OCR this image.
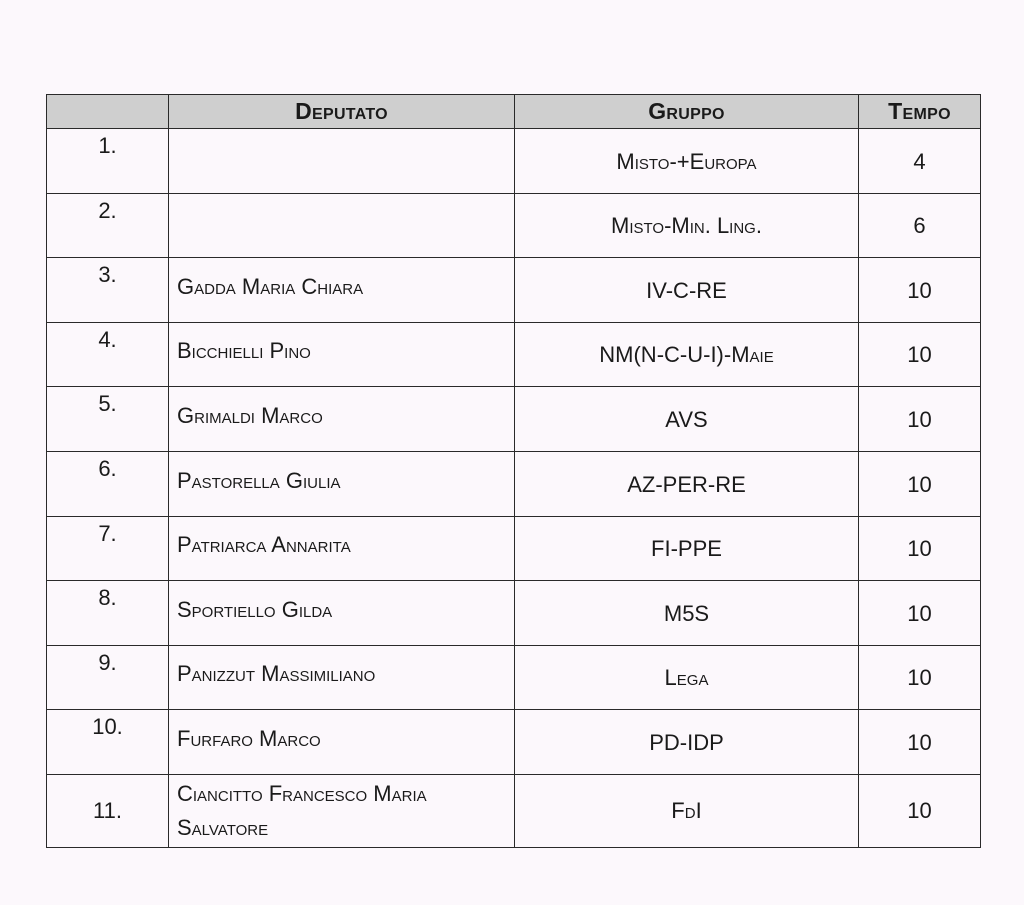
	Deputato	Gruppo	Tempo
1.		Misto-+Europa	4
2.		Misto-Min. Ling.	6
3.	Gadda Maria Chiara	IV-C-RE	10
4.	Bicchielli Pino	NM(N-C-U-I)-Maie	10
5.	Grimaldi Marco	AVS	10
6.	Pastorella Giulia	AZ-PER-RE	10
7.	Patriarca Annarita	FI-PPE	10
8.	Sportiello Gilda	M5S	10
9.	Panizzut Massimiliano	Lega	10
10.	Furfaro Marco	PD-IDP	10
11.	Ciancitto Francesco Maria Salvatore	FdI	10
